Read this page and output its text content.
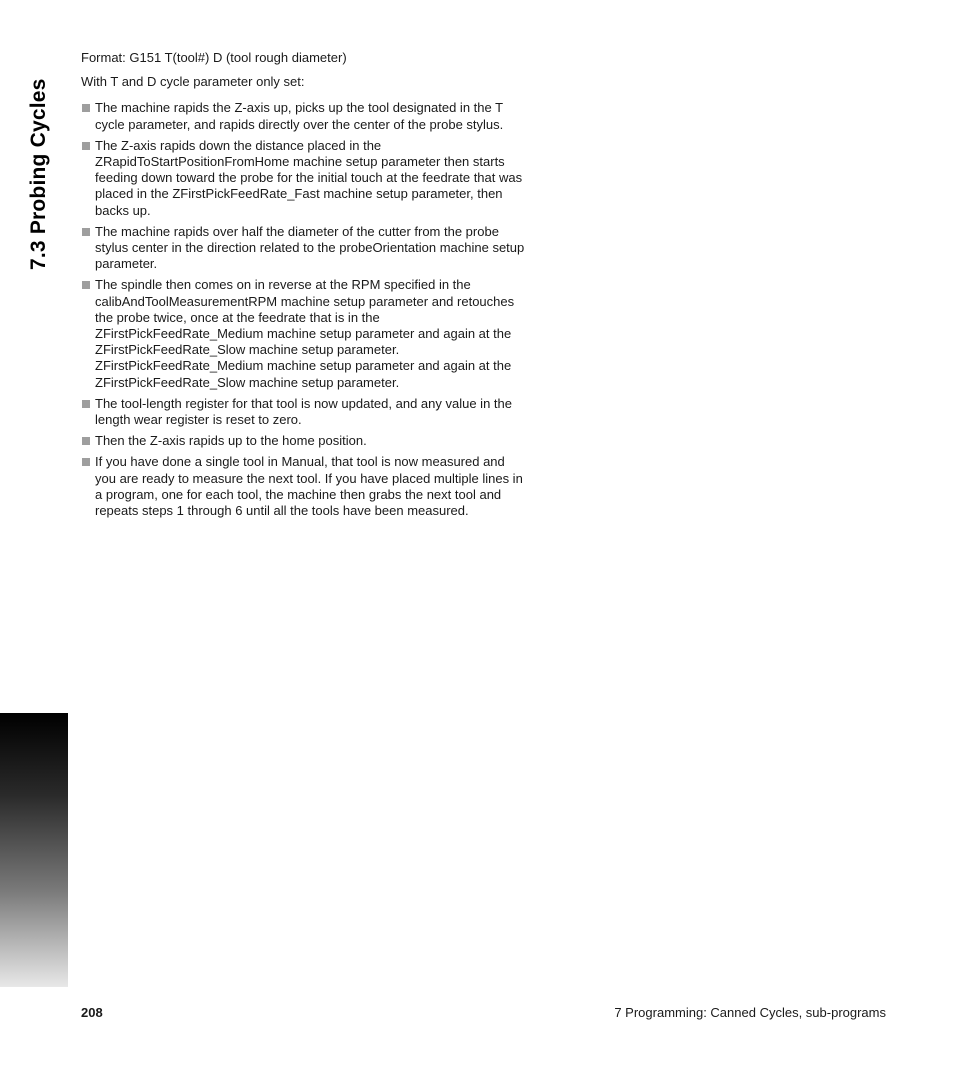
7.3 Probing Cycles

Format: G151 T(tool#) D (tool rough diameter)

With T and D cycle parameter only set:

The machine rapids the Z-axis up, picks up the tool designated in the T cycle parameter, and rapids directly over the center of the probe stylus.
The Z-axis rapids down the distance placed in the ZRapidToStartPositionFromHome machine setup parameter then starts feeding down toward the probe for the initial touch at the feedrate that was placed in the ZFirstPickFeedRate_Fast machine setup parameter, then backs up.
The machine rapids over half the diameter of the cutter from the probe stylus center in the direction related to the probeOrientation machine setup parameter.
The spindle then comes on in reverse at the RPM specified in the calibAndToolMeasurementRPM machine setup parameter and retouches the probe twice, once at the feedrate that is in the ZFirstPickFeedRate_Medium machine setup parameter and again at the ZFirstPickFeedRate_Slow machine setup parameter. ZFirstPickFeedRate_Medium machine setup parameter and again at the ZFirstPickFeedRate_Slow machine setup parameter.
The tool-length register for that tool is now updated, and any value in the length wear register is reset to zero.
Then the Z-axis rapids up to the home position.
If you have done a single tool in Manual, that tool is now measured and you are ready to measure the next tool. If you have placed multiple lines in a program, one for each tool, the machine then grabs the next tool and repeats steps 1 through 6 until all the tools have been measured.
208	7 Programming: Canned Cycles, sub-programs
